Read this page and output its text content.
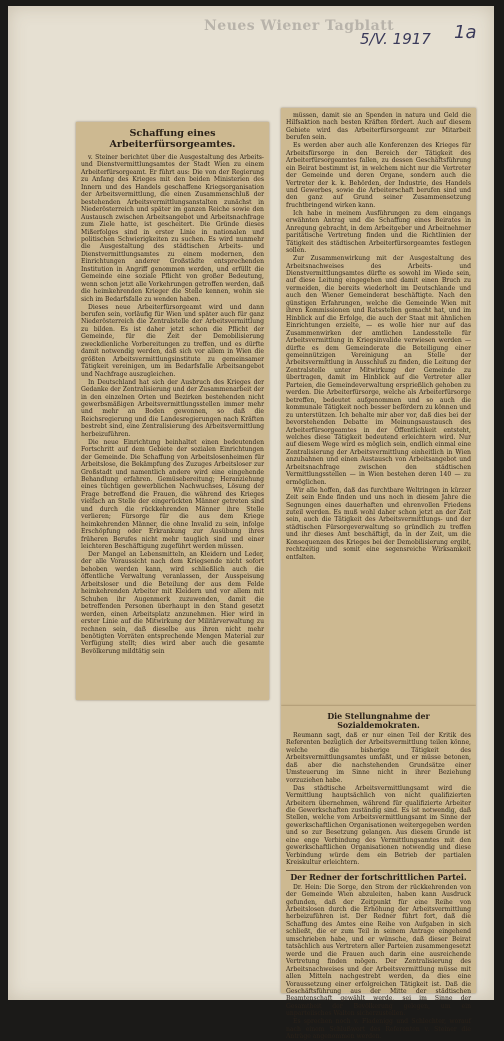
Neues Wiener Tagblatt
5/V. 1917 1a
Schaffung eines Arbeiterfürsorgeamtes.

v. Steiner berichtet über die Ausgestaltung des Arbeits- und Dienstvermittlungsamtes der Stadt Wien zu einem Arbeiterfürsorgeamt. Er führt aus: Die von der Regierung zu Anfang des Krieges mit den beiden Ministerien des Innern und des Handels geschaffene Kriegsorganisation der Arbeitsvermittlung, die einen Zusammenschluß der bestehenden Arbeitsvermittlungsanstalten zunächst in Niederösterreich und später im ganzen Reiche sowie den Austausch zwischen Arbeitsangebot und Arbeitsnachfrage zum Ziele hatte, ist gescheitert. Die Gründe dieses Mißerfolges sind in erster Linie in nationalen und politischen Schwierigkeiten zu suchen. Es wird nunmehr die Ausgestaltung des städtischen Arbeits- und Dienstvermittlungsamtes zu einem modernen, den Einrichtungen anderer Großstädte entsprechenden Institution in Angriff genommen werden, und erfüllt die Gemeinde eine soziale Pflicht von großer Bedeutung, wenn schon jetzt alle Vorkehrungen getroffen werden, daß die heimkehrenden Krieger die Stelle kennen, wohin sie sich im Bedarfsfalle zu wenden haben.

Dieses neue Arbeiterfürsorgeamt wird und dann berufen sein, vorläufig für Wien und später auch für ganz Niederösterreich die Zentralstelle der Arbeitsvermittlung zu bilden. Es ist daher jetzt schon die Pflicht der Gemeinde, für die Zeit der Demobilisierung zweckdienliche Vorbereitungen zu treffen, und es dürfte damit notwendig werden, daß sich vor allem in Wien die größten Arbeitsvermittlungsinstitute zu gemeinsamer Tätigkeit vereinigen, um im Bedarfsfalle Arbeitsangebot und Nachfrage auszugleichen.

In Deutschland hat sich der Ausbruch des Krieges der Gedanke der Zentralisierung und der Zusammenarbeit der in den einzelnen Orten und Bezirken bestehenden nicht gewerbsmäßigen Arbeitsvermittlungsstellen immer mehr und mehr an Boden gewonnen, so daß die Reichsregierung und die Landesregierungen nach Kräften bestrebt sind, eine Zentralisierung des Arbeitsvermittlung herbeizuführen.

Die neue Einrichtung beinhaltet einen bedeutenden Fortschritt auf dem Gebiete der sozialen Einrichtungen der Gemeinde. Die Schaffung von Arbeitslosenheimen für Arbeitslose, die Bekämpfung des Zuzuges Arbeitsloser zur Großstadt und namentlich andere wird eine eingehende Behandlung erfahren. Gemüsebereitung; Heranziehung eines tüchtigen gewerblichen Nachwuchses, Lösung der Frage betreffend die Frauen, die während des Krieges vielfach an Stelle der eingerückten Männer getreten sind und durch die rückkehrenden Männer ihre Stelle verlieren; Fürsorge für die aus dem Kriege heimkehrenden Männer, die ohne Invalid zu sein, infolge Erschöpfung oder Erkrankung zur Ausübung ihres früheren Berufes nicht mehr tauglich sind und einer leichteren Beschäftigung zugeführt werden müssen.

Der Mangel an Lebensmitteln, an Kleidern und Leder, der alle Voraussicht nach dem Kriegsende nicht sofort behoben werden kann, wird schließlich auch die öffentliche Verwaltung veranlassen, der Ausspeisung Arbeitsloser und die Beteilung der aus dem Felde heimkehrenden Arbeiter mit Kleidern und vor allem mit Schuhen ihr Augenmerk zuzuwenden, damit die betreffenden Personen überhaupt in den Stand gesetzt werden, einen Arbeitsplatz anzunehmen. Hier wird in erster Linie auf die Mitwirkung der Militärverwaltung zu rechnen sein, daß dieselbe aus ihren nicht mehr benötigten Vorräten entsprechende Mengen Material zur Verfügung stellt; dies wird aber auch die gesamte Bevölkerung mildtätig sein

müssen, damit sie an Spenden in natura und Geld die Hilfsaktion nach besten Kräften fördert. Auch auf diesem Gebiete wird das Arbeiterfürsorgeamt zur Mitarbeit berufen sein.

Es werden aber auch alle Konferenzen des Krieges für Arbeitsfürsorge in den Bereich der Tätigkeit des Arbeiterfürsorgeamtes fallen, zu dessen Geschäftsführung ein Beirat bestimmt ist, in welchem nicht nur die Vertreter der Gemeinde und deren Organe, sondern auch die Vertreter der k. k. Behörden, der Industrie, des Handels und Gewerbes, sowie die Arbeiterschaft berufen sind und den ganz auf Grund seiner Zusammensetzung fruchtbringend wirken kann.

Ich habe in meinem Ausführungen zu dem eingangs erwähnten Antrag und die Schaffung eines Beirates in Anregung gebracht, in dem Arbeitgeber und Arbeitnehmer paritätische Vertretung finden und die Richtlinien der Tätigkeit des städtischen Arbeiterfürsorgeamtes festlegen sollen.

Zur Zusammenwirkung mit der Ausgestaltung des Arbeitsnachweises des Arbeits- und Dienstvermittlungsamtes dürfte es sowohl im Wiede sein, auf diese Leitung eingegehen und damit einen Bruch zu vermeiden, die bereits wiederholt im Deutschlande und auch den Wiener Gemeinderat beschäftigte. Nach den günstigen Erfahrungen, welche die Gemeinde Wien mit ihren Kommissionen und Ratsstellen gemacht hat, und im Hinblick auf die Erfolge, die auch der Staat mit ähnlichen Einrichtungen erzielte, — es wolle hier nur auf das Zusammenwirken der amtlichen Landesstelle für Arbeitsvermittlung in Kriegsinvalide verwiesen werden — dürfte es dem Gemeinderate die Beteiligung einer gemeinnützigen Vereinigung an Stelle der Arbeitsvermittlung in Ausschluß zu finden, die Leitung der Zentralstelle unter Mitwirkung der Gemeinde zu übertragen, damit im Hinblick auf die Vertreter aller Parteien, die Gemeindeverwaltung ersprießlich gehoben zu werden. Die Arbeiterfürsorge, welche als Arbeiterfürsorge betreffen, bedeutet aufgenommen und so auch die kommunale Tätigkeit noch besser befördern zu können und zu unterstützen. Ich behalte mir aber vor, daß dies bei der bevorstehenden Debatte im Meinungsaustausch des Arbeiterfürsorgeamtes in der Öffentlichkeit entsteht, welches diese Tätigkeit bedeutend erleichtern wird. Nur auf diesem Wege wird es möglich sein, endlich einmal eine Zentralisierung der Arbeitsvermittlung einheitlich in Wien anzubahnen und einen Austausch von Arbeitsangebot und Arbeitsnachfrage zwischen den städtischen Vermittlungsstellen — in Wien bestehen deren 140 — zu ermöglichen.

Wir alle hoffen, daß das furchtbare Weltringen in kürzer Zeit sein Ende finden und uns noch in diesem Jahre die Segnungen eines dauerhaften und ehrenvollen Friedens zuteil werden. Es muß wohl daher schon jetzt an der Zeit sein, auch die Tätigkeit des Arbeitsvermittlungs- und der städtischen Fürsorgeverwaltung so gründlich zu treffen und ihr dieses Amt beschäftigt, da in der Zeit, um die Konsequenzen des Krieges bei der Demobilisierung ergibt, rechtzeitig und somit eine segensreiche Wirksamkeit entfalten.

Die Stellungnahme der Sozialdemokraten.

Reumann sagt, daß er nur einen Teil der Kritik des Referenten bezüglich der Arbeitsvermittlung teilen könne, welche die bisherige Tätigkeit des Arbeitsvermittlungsamtes umfaßt, und er müsse betonen, daß aber die nachstehenden Grundsätze einer Umsteuerung im Sinne nicht in ihrer Beziehung vorzuziehen habe.

Das städtische Arbeitsvermittlungsamt wird die Vermittlung hauptsächlich von nicht qualifizierten Arbeitern übernehmen, während für qualifizierte Arbeiter die Gewerkschaften zuständig sind. Es ist notwendig, daß Stellen, welche vom Arbeitsvermittlungsamt im Sinne der gewerkschaftlichen Organisationen weitergegeben werden und so zur Besetzung gelangen. Aus diesem Grunde ist eine enge Verbindung des Vermittlungsamtes mit den gewerkschaftlichen Organisationen notwendig und diese Verbindung würde dem ein Betrieb der partialen Kreiskultur erleichtern.

Der Redner der fortschrittlichen Partei.

Dr. Hein: Die Sorge, den Strom der rückkehrenden von der Gemeinde Wien abzuleiten, haben kann Ausdruck gefunden, daß der Zeitpunkt für eine Reihe von Arbeitslosen durch die Erhöhung der Arbeitsvermittlung herbeizuführen ist. Der Redner führt fort, daß die Schaffung des Amtes eine Reihe von Aufgaben in sich schließt, die er zum Teil in seinem Antrage eingehend umschrieben habe, und er wünsche, daß dieser Beirat tatsächlich aus Vertretern aller Parteien zusammengesetzt werde und die Frauen auch darin eine ausreichende Vertretung finden mögen. Der Zentralisierung des Arbeitsnachweises und der Arbeitsvermittlung müsse mit allen Mitteln nachgestrebt werden, da dies eine Voraussetzung einer erfolgreichen Tätigkeit ist. Daß die Geschäftsführung aus der Mitte der städtischen Beamtenschaft gewählt werde, sei im Sinne der Gesamtheit der Bevölkerung gelegen, um ein unparteiisches Walten sicherzustellen.

Es sprechen noch v. Fladenigg und Schlechter, worauf nach einem Schlußwort des Referenten v. Steiner die Anträge angenommen werden.
